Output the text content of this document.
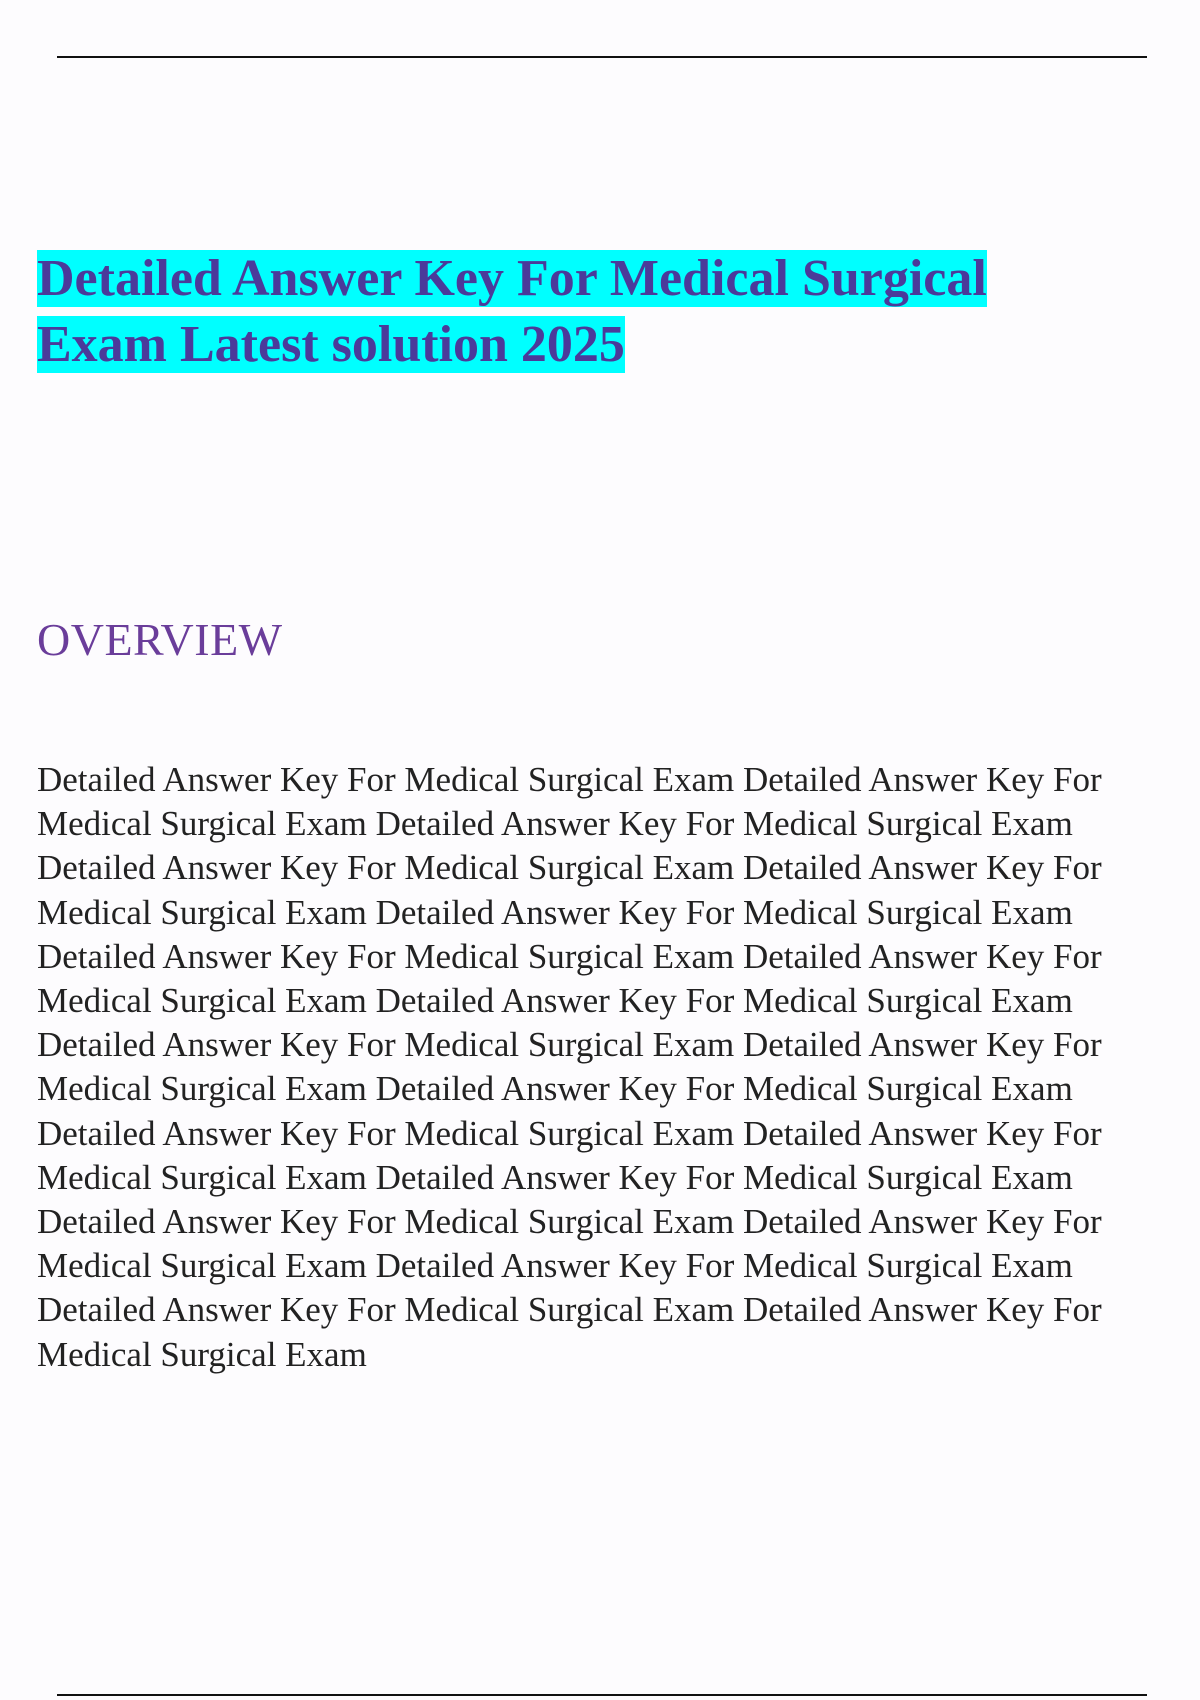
Detailed Answer Key For Medical Surgical
Exam Latest solution 2025
OVERVIEW

Detailed Answer Key For Medical Surgical Exam Detailed Answer Key For Medical Surgical Exam Detailed Answer Key For Medical Surgical Exam Detailed Answer Key For Medical Surgical Exam Detailed Answer Key For Medical Surgical Exam Detailed Answer Key For Medical Surgical Exam Detailed Answer Key For Medical Surgical Exam Detailed Answer Key For Medical Surgical Exam Detailed Answer Key For Medical Surgical Exam Detailed Answer Key For Medical Surgical Exam Detailed Answer Key For Medical Surgical Exam Detailed Answer Key For Medical Surgical Exam Detailed Answer Key For Medical Surgical Exam Detailed Answer Key For Medical Surgical Exam Detailed Answer Key For Medical Surgical Exam Detailed Answer Key For Medical Surgical Exam Detailed Answer Key For Medical Surgical Exam Detailed Answer Key For Medical Surgical Exam Detailed Answer Key For Medical Surgical Exam Detailed Answer Key For Medical Surgical Exam
